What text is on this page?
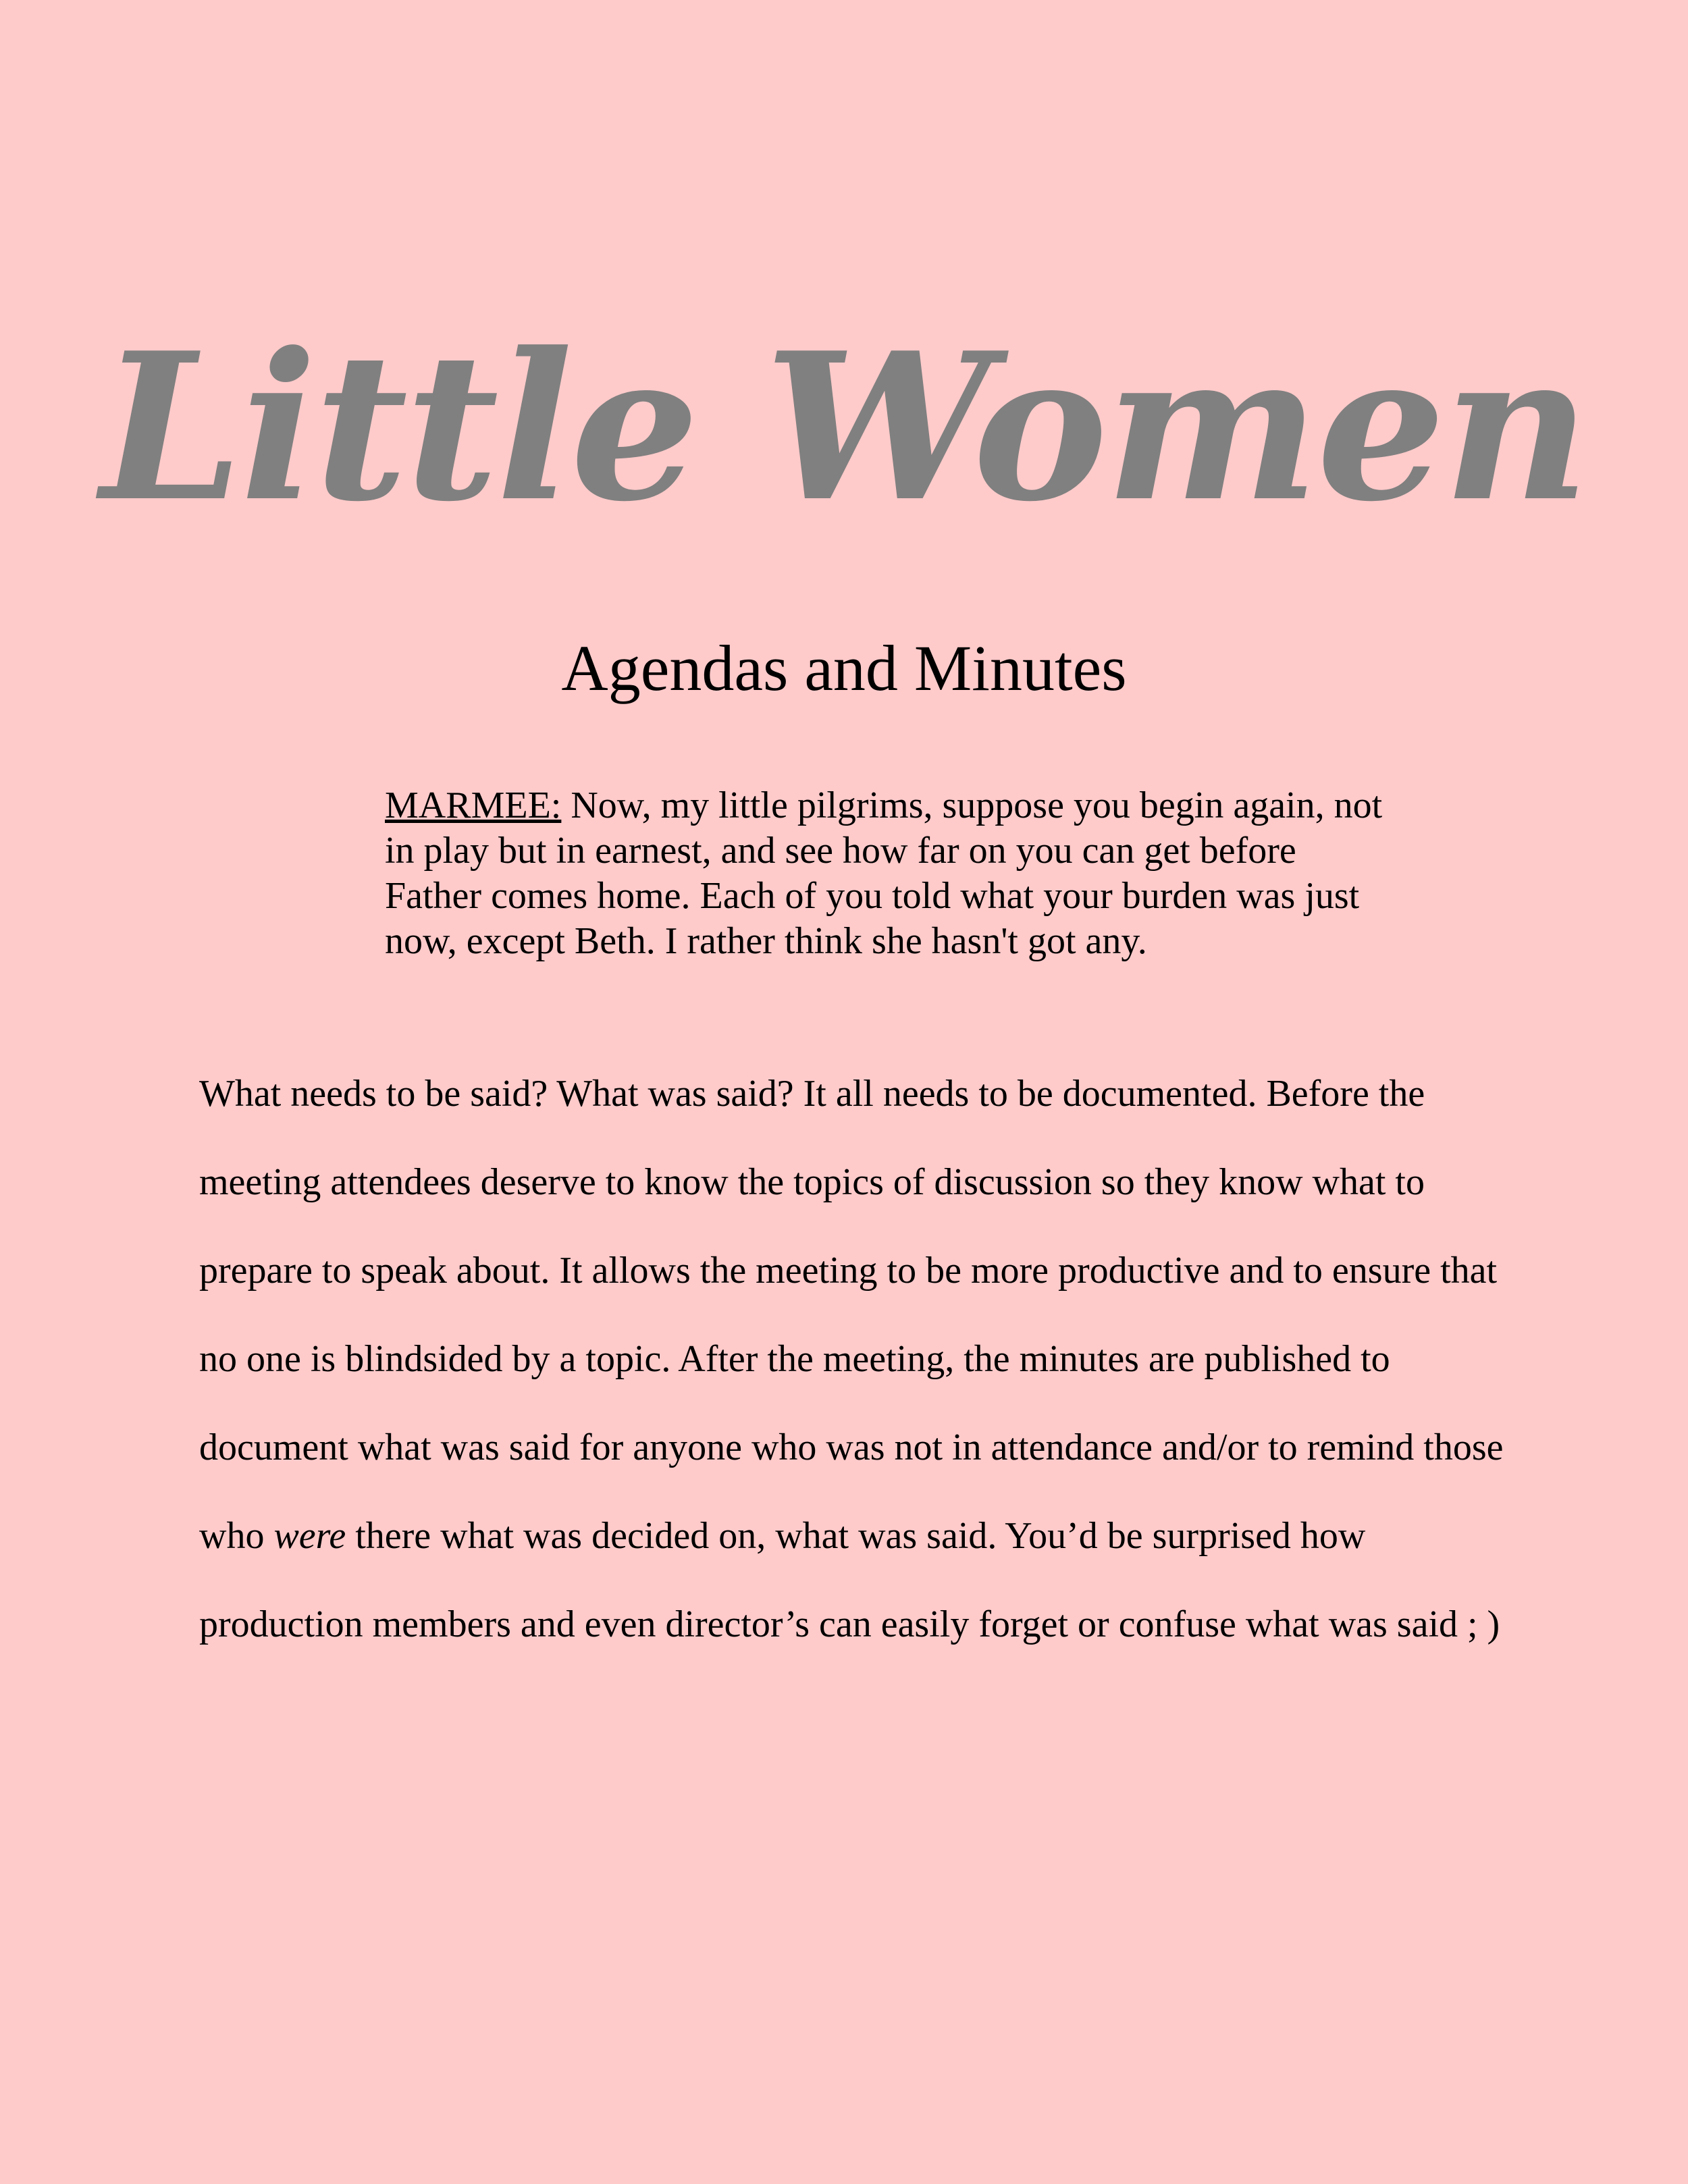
Little Women
Agendas and Minutes

MARMEE: Now, my little pilgrims, suppose you begin again, not in play but in earnest, and see how far on you can get before Father comes home. Each of you told what your burden was just now, except Beth. I rather think she hasn't got any.

What needs to be said? What was said? It all needs to be documented. Before the meeting attendees deserve to know the topics of discussion so they know what to prepare to speak about. It allows the meeting to be more productive and to ensure that no one is blindsided by a topic. After the meeting, the minutes are published to document what was said for anyone who was not in attendance and/or to remind those who were there what was decided on, what was said. You’d be surprised how production members and even director’s can easily forget or confuse what was said ; )
